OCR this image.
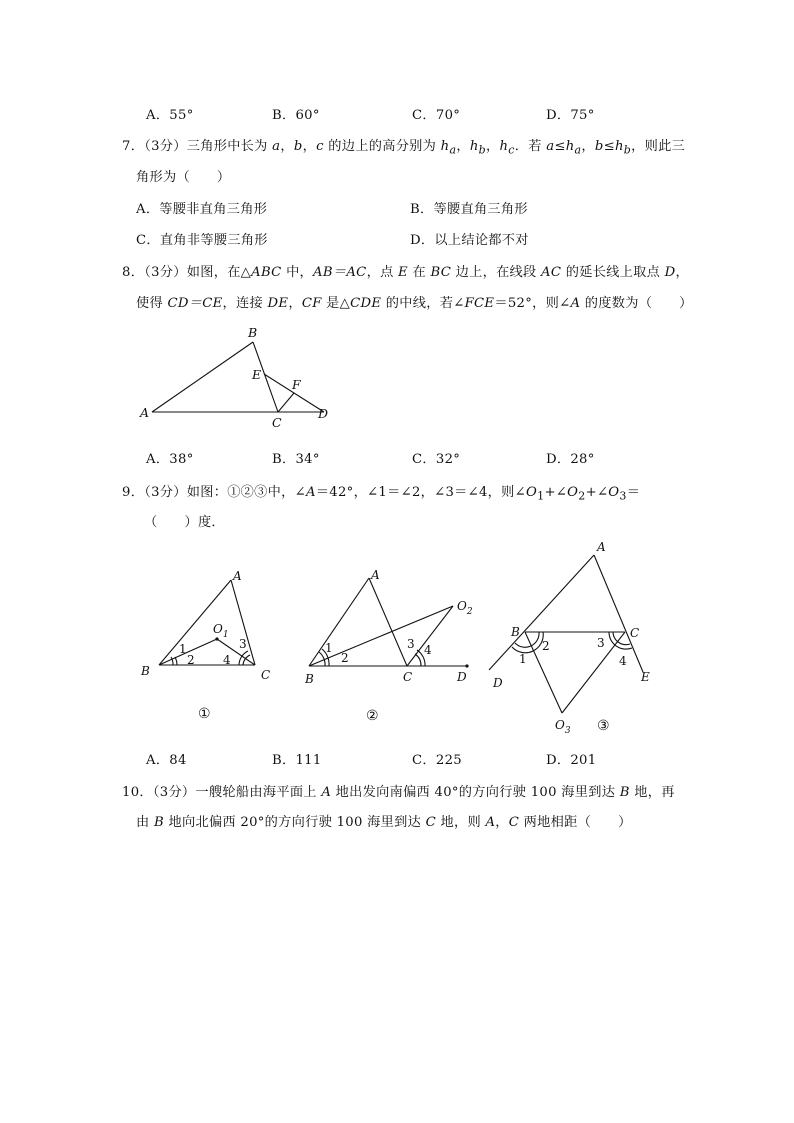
A．55°	B．60°	C．70°	D．75°
7．（3分）三角形中长为 a，b，c 的边上的高分别为 $h_a$，$h_b$，$h_c$．若 $a\le h_a$，$b\le h_b$，则此三
角形为（　　）
A．等腰非直角三角形	B．等腰直角三角形
C．直角非等腰三角形	D．以上结论都不对
8．（3分）如图，在△ABC 中，AB＝AC，点 E 在 BC 边上，在线段 AC 的延长线上取点 D，
使得 CD＝CE，连接 DE，CF 是△CDE 的中线，若∠FCE＝52°，则∠A 的度数为（　　）
A
B
C
D
E
F
A．38°	B．34°	C．32°	D．28°
9．（3分）如图：①②③中，∠A＝42°，∠1＝∠2，∠3＝∠4，则$\angle O_1+\angle O_2+\angle O_3=$
（　　）度．
A
B	C
$O_1$
1
2
3
4
①
A
B	C	D
$O_2$
1
2
3 4
②
A
B	C
D	E
$O_3$
1
2	3
4
③
A．84	B．111	C．225	D．201
10．（3分）一艘轮船由海平面上 A 地出发向南偏西 40°的方向行驶 100 海里到达 B 地，再
由 B 地向北偏西 20°的方向行驶 100 海里到达 C 地，则 A，C 两地相距（　　）
